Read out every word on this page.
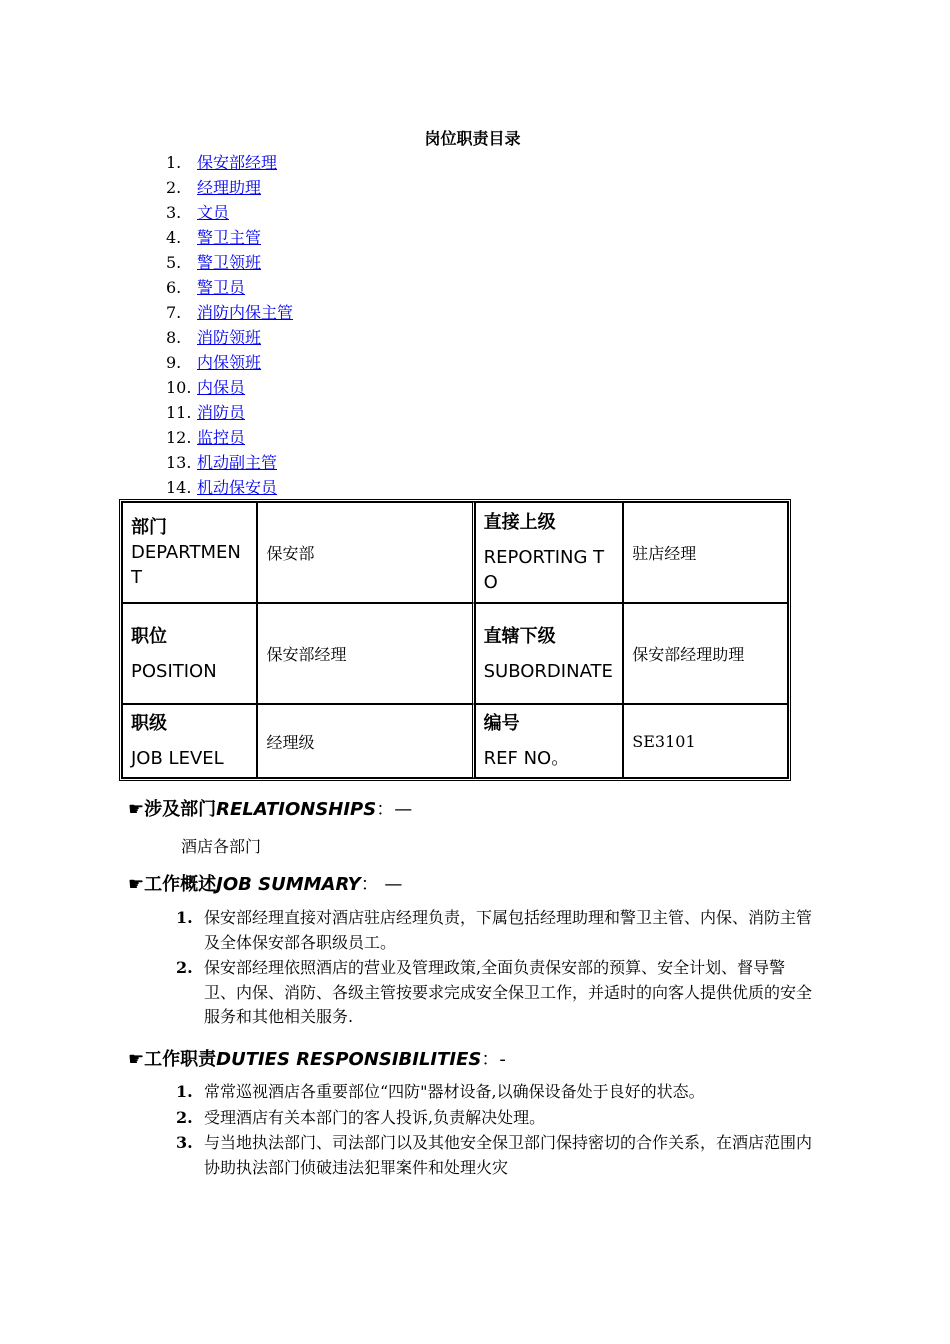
岗位职责目录
1. 保安部经理
2. 经理助理
3. 文员
4. 警卫主管
5. 警卫领班
6. 警卫员
7. 消防内保主管
8. 消防领班
9. 内保领班
10. 内保员
11. 消防员
12. 监控员
13. 机动副主管
14. 机动保安员
部门
DEPARTMENT	保安部	直接上级
REPORTING TO	驻店经理

职位
POSITION	保安部经理	直辖下级
SUBORDINATE	保安部经理助理

职级
JOB LEVEL	经理级	编号
REF NO。	SE3101
☛涉及部门RELATIONSHIPS：—
酒店各部门
☛工作概述JOB SUMMARY： —
1. 保安部经理直接对酒店驻店经理负责，下属包括经理助理和警卫主管、内保、消防主管及全体保安部各职级员工。
2. 保安部经理依照酒店的营业及管理政策,全面负责保安部的预算、安全计划、督导警卫、内保、消防、各级主管按要求完成安全保卫工作，并适时的向客人提供优质的安全服务和其他相关服务.
☛工作职责DUTIES RESPONSIBILITIES：-
1. 常常巡视酒店各重要部位“四防"器材设备,以确保设备处于良好的状态。
2. 受理酒店有关本部门的客人投诉,负责解决处理。
3. 与当地执法部门、司法部门以及其他安全保卫部门保持密切的合作关系，在酒店范围内协助执法部门侦破违法犯罪案件和处理火灾
